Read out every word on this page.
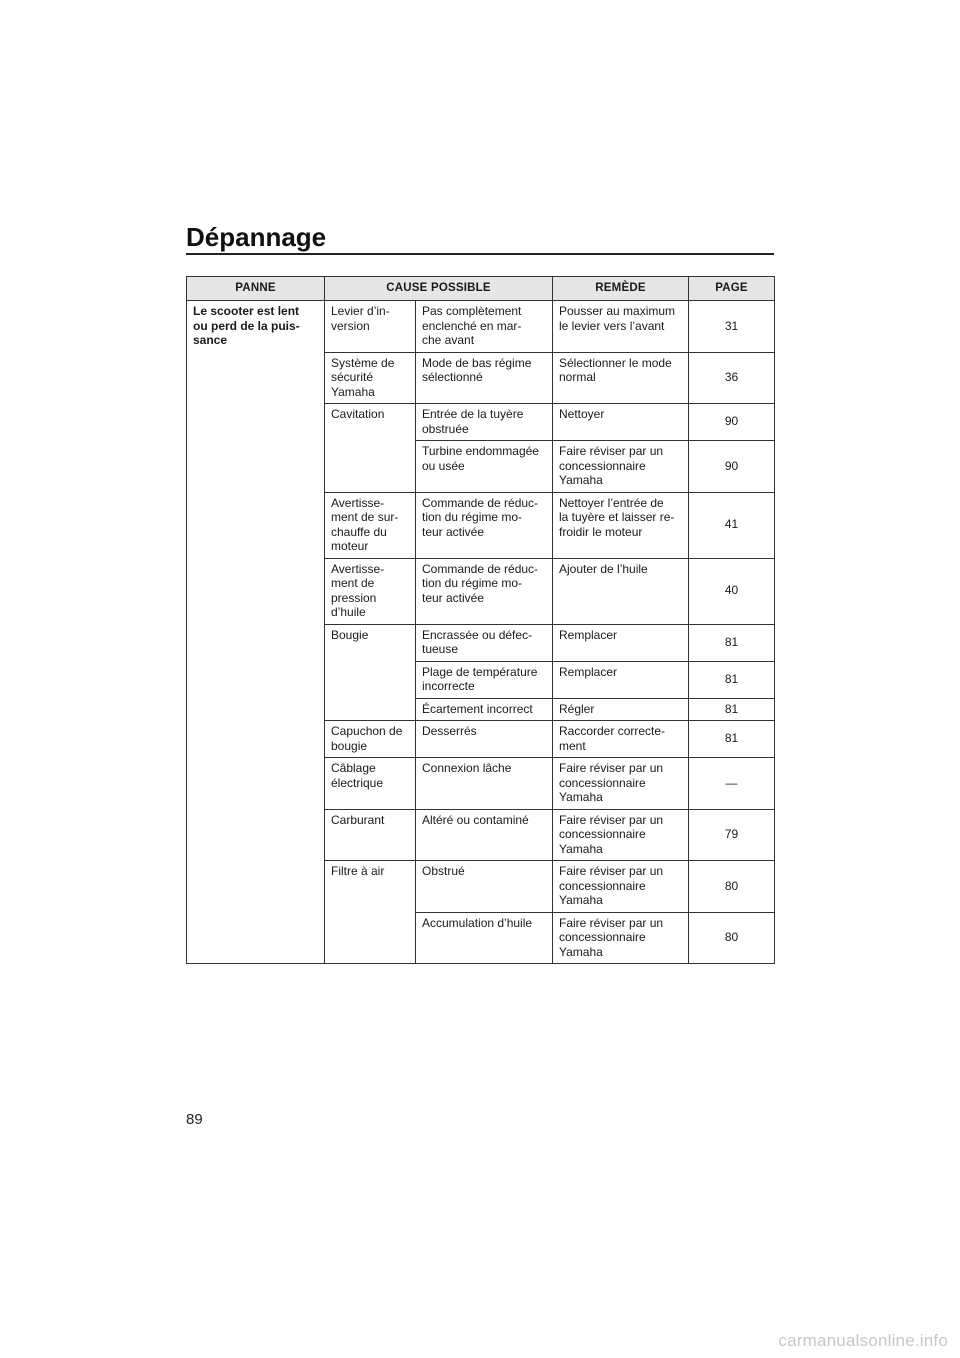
Dépannage
PANNE	CAUSE POSSIBLE		REMÈDE	PAGE
Le scooter est lent
ou perd de la puis-
sance	Levier d’in-
version	Pas complètement
enclenché en mar-
che avant	Pousser au maximum
le levier vers l’avant	31
	Système de
sécurité
Yamaha	Mode de bas régime
sélectionné	Sélectionner le mode
normal	36
	Cavitation	Entrée de la tuyère
obstruée	Nettoyer	90
		Turbine endommagée
ou usée	Faire réviser par un
concessionnaire
Yamaha	90
	Avertisse-
ment de sur-
chauffe du
moteur	Commande de réduc-
tion du régime mo-
teur activée	Nettoyer l’entrée de
la tuyère et laisser re-
froidir le moteur	41
	Avertisse-
ment de
pression
d’huile	Commande de réduc-
tion du régime mo-
teur activée	Ajouter de l’huile	40
	Bougie	Encrassée ou défec-
tueuse	Remplacer	81
		Plage de température
incorrecte	Remplacer	81
		Écartement incorrect	Régler	81
	Capuchon de
bougie	Desserrés	Raccorder correcte-
ment	81
	Câblage
électrique	Connexion lâche	Faire réviser par un
concessionnaire
Yamaha	—
	Carburant	Altéré ou contaminé	Faire réviser par un
concessionnaire
Yamaha	79
	Filtre à air	Obstrué	Faire réviser par un
concessionnaire
Yamaha	80
		Accumulation d’huile	Faire réviser par un
concessionnaire
Yamaha	80
89
carmanualsonline.info
